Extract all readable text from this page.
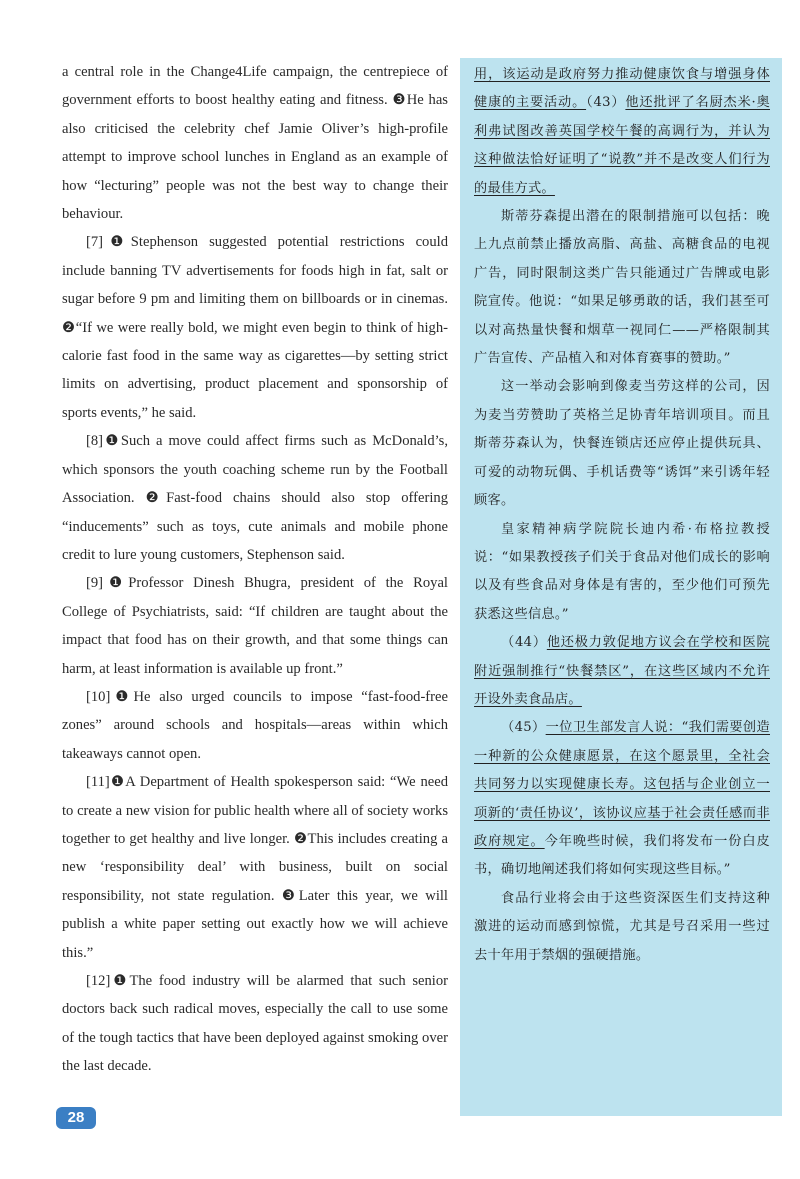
a central role in the Change4Life campaign, the centrepiece of government efforts to boost healthy eating and fitness. ❸He has also criticised the celebrity chef Jamie Oliver’s high-profile attempt to improve school lunches in England as an example of how “lecturing” people was not the best way to change their behaviour.

[7]❶Stephenson suggested potential restrictions could include banning TV advertisements for foods high in fat, salt or sugar before 9 pm and limiting them on billboards or in cinemas. ❷“If we were really bold, we might even begin to think of high-calorie fast food in the same way as cigarettes—by setting strict limits on advertising, product placement and sponsorship of sports events,” he said.

[8]❶Such a move could affect firms such as McDonald’s, which sponsors the youth coaching scheme run by the Football Association. ❷Fast-food chains should also stop offering “inducements” such as toys, cute animals and mobile phone credit to lure young customers, Stephenson said.

[9]❶Professor Dinesh Bhugra, president of the Royal College of Psychiatrists, said: “If children are taught about the impact that food has on their growth, and that some things can harm, at least information is available up front.”

[10]❶He also urged councils to impose “fast-food-free zones” around schools and hospitals—areas within which takeaways cannot open.

[11]❶A Department of Health spokesperson said: “We need to create a new vision for public health where all of society works together to get healthy and live longer. ❷This includes creating a new ‘responsibility deal’ with business, built on social responsibility, not state regulation. ❸Later this year, we will publish a white paper setting out exactly how we will achieve this.”

[12]❶The food industry will be alarmed that such senior doctors back such radical moves, especially the call to use some of the tough tactics that have been deployed against smoking over the last decade.

用，该运动是政府努力推动健康饮食与增强身体健康的主要活动。（43）他还批评了名厨杰米·奥利弗试图改善英国学校午餐的高调行为，并认为这种做法恰好证明了“说教”并不是改变人们行为的最佳方式。

斯蒂芬森提出潜在的限制措施可以包括：晚上九点前禁止播放高脂、高盐、高糖食品的电视广告，同时限制这类广告只能通过广告牌或电影院宣传。他说：“如果足够勇敢的话，我们甚至可以对高热量快餐和烟草一视同仁——严格限制其广告宣传、产品植入和对体育赛事的赞助。”

这一举动会影响到像麦当劳这样的公司，因为麦当劳赞助了英格兰足协青年培训项目。而且斯蒂芬森认为，快餐连锁店还应停止提供玩具、可爱的动物玩偶、手机话费等“诱饵”来引诱年轻顾客。

皇家精神病学院院长迪内希·布格拉教授说：“如果教授孩子们关于食品对他们成长的影响以及有些食品对身体是有害的，至少他们可预先获悉这些信息。”

（44）他还极力敦促地方议会在学校和医院附近强制推行“快餐禁区”，在这些区域内不允许开设外卖食品店。

（45）一位卫生部发言人说：“我们需要创造一种新的公众健康愿景，在这个愿景里，全社会共同努力以实现健康长寿。这包括与企业创立一项新的‘责任协议’，该协议应基于社会责任感而非政府规定。今年晚些时候，我们将发布一份白皮书，确切地阐述我们将如何实现这些目标。”

食品行业将会由于这些资深医生们支持这种激进的运动而感到惊慌，尤其是号召采用一些过去十年用于禁烟的强硬措施。

28
